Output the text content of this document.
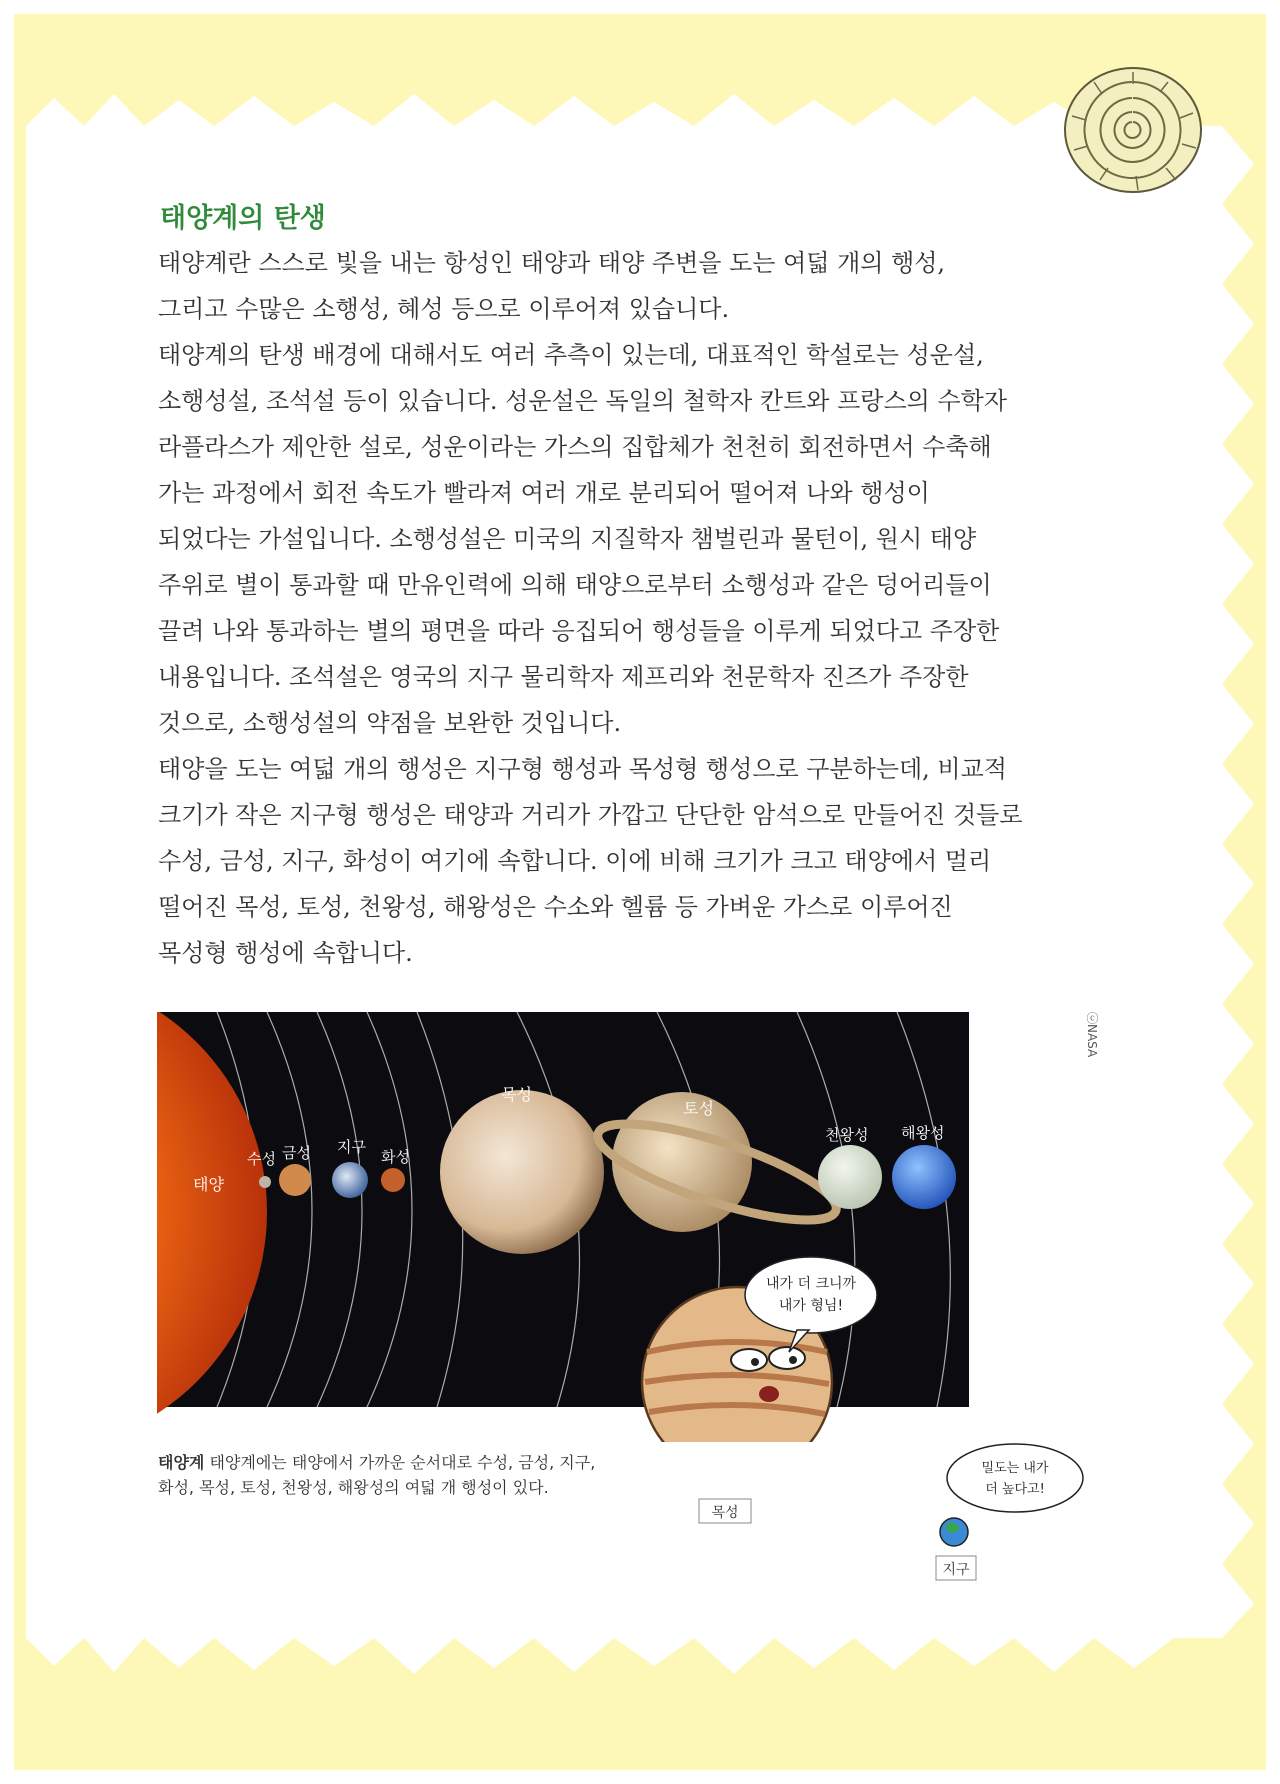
태양계의 탄생

태양계란 스스로 빛을 내는 항성인 태양과 태양 주변을 도는 여덟 개의 행성,
그리고 수많은 소행성, 혜성 등으로 이루어져 있습니다.

태양계의 탄생 배경에 대해서도 여러 추측이 있는데, 대표적인 학설로는 성운설,
소행성설, 조석설 등이 있습니다. 성운설은 독일의 철학자 칸트와 프랑스의 수학자
라플라스가 제안한 설로, 성운이라는 가스의 집합체가 천천히 회전하면서 수축해
가는 과정에서 회전 속도가 빨라져 여러 개로 분리되어 떨어져 나와 행성이
되었다는 가설입니다. 소행성설은 미국의 지질학자 챔벌린과 물턴이, 원시 태양
주위로 별이 통과할 때 만유인력에 의해 태양으로부터 소행성과 같은 덩어리들이
끌려 나와 통과하는 별의 평면을 따라 응집되어 행성들을 이루게 되었다고 주장한
내용입니다. 조석설은 영국의 지구 물리학자 제프리와 천문학자 진즈가 주장한
것으로, 소행성설의 약점을 보완한 것입니다.

태양을 도는 여덟 개의 행성은 지구형 행성과 목성형 행성으로 구분하는데, 비교적
크기가 작은 지구형 행성은 태양과 거리가 가깝고 단단한 암석으로 만들어진 것들로
수성, 금성, 지구, 화성이 여기에 속합니다. 이에 비해 크기가 크고 태양에서 멀리
떨어진 목성, 토성, 천왕성, 해왕성은 수소와 헬륨 등 가벼운 가스로 이루어진
목성형 행성에 속합니다.

태양
수성 금성 지구
화성
목성
토성
천왕성 해왕성
내가 더 크니까
내가 형님!
밀도는 내가
더 높다고!
지구
목성
ⓒNASA
태양계 태양계에는 태양에서 가까운 순서대로 수성, 금성, 지구,
화성, 목성, 토성, 천왕성, 해왕성의 여덟 개 행성이 있다.
